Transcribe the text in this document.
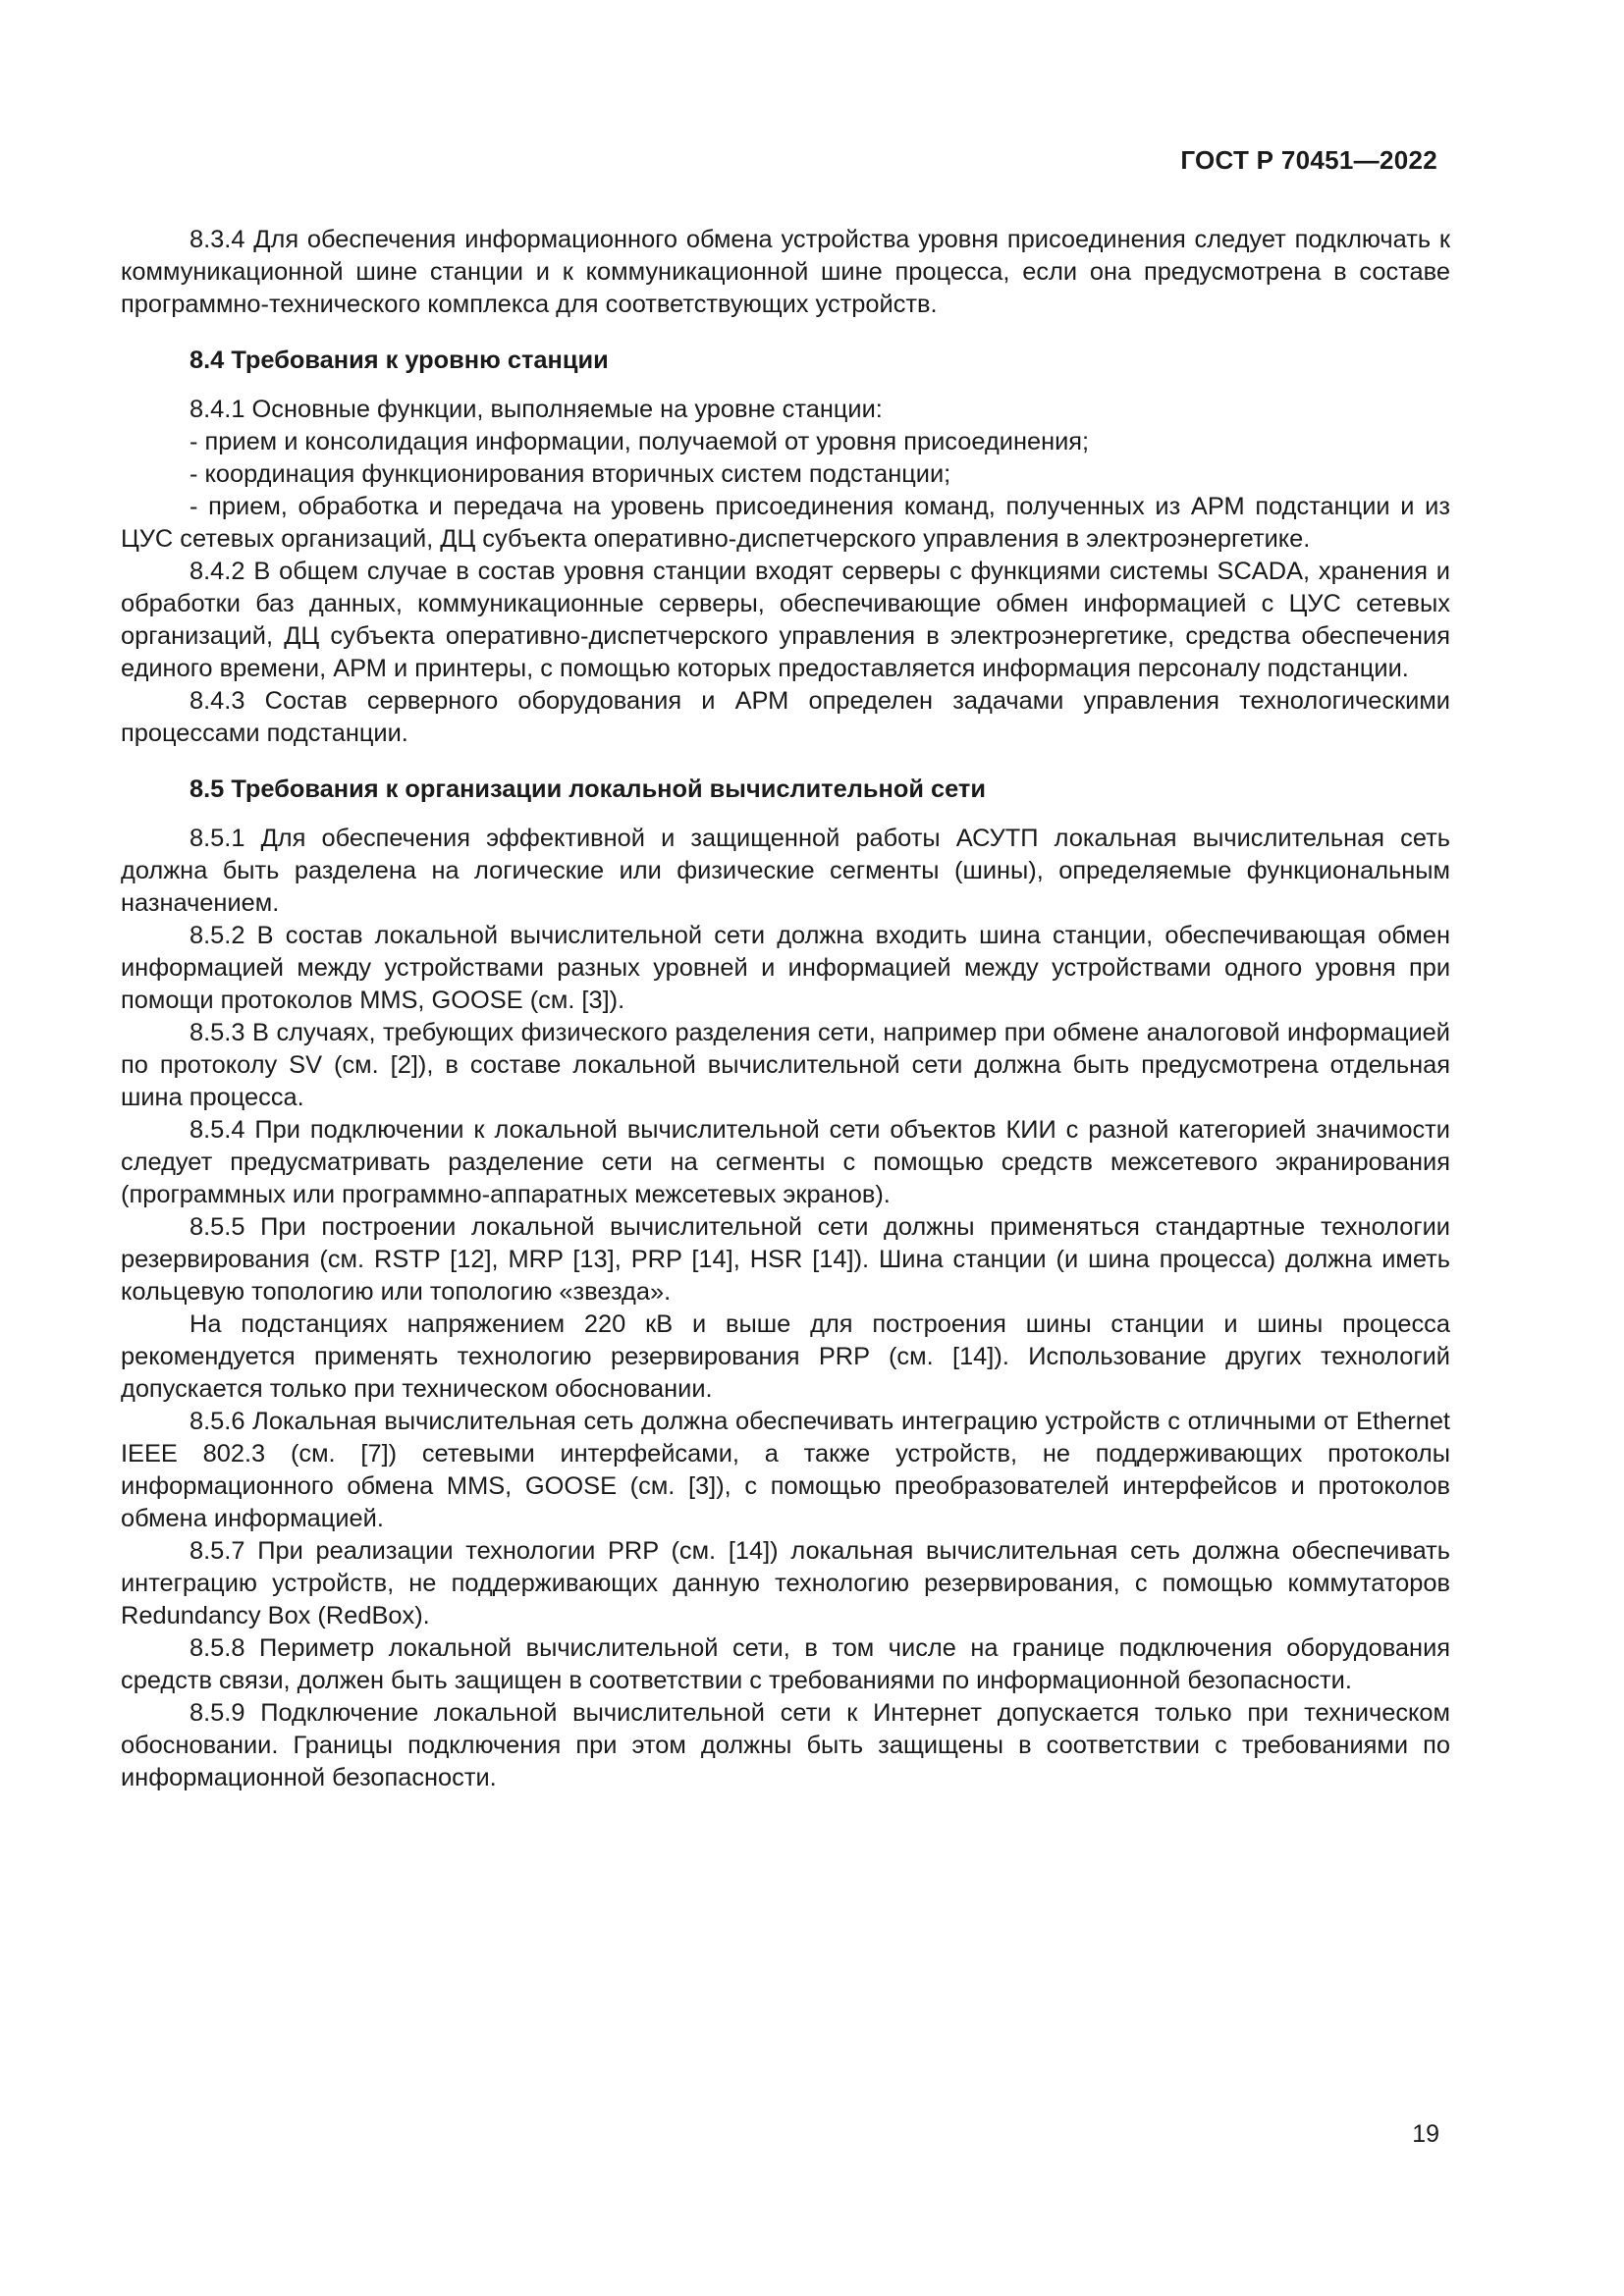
ГОСТ Р 70451—2022

8.3.4 Для обеспечения информационного обмена устройства уровня присоединения следует подключать к коммуникационной шине станции и к коммуникационной шине процесса, если она предусмотрена в составе программно-технического комплекса для соответствующих устройств.

8.4 Требования к уровню станции

8.4.1 Основные функции, выполняемые на уровне станции:

- прием и консолидация информации, получаемой от уровня присоединения;

- координация функционирования вторичных систем подстанции;

- прием, обработка и передача на уровень присоединения команд, полученных из АРМ подстанции и из ЦУС сетевых организаций, ДЦ субъекта оперативно-диспетчерского управления в электроэнергетике.

8.4.2 В общем случае в состав уровня станции входят серверы с функциями системы SCADA, хранения и обработки баз данных, коммуникационные серверы, обеспечивающие обмен информацией с ЦУС сетевых организаций, ДЦ субъекта оперативно-диспетчерского управления в электроэнергетике, средства обеспечения единого времени, АРМ и принтеры, с помощью которых предоставляется информация персоналу подстанции.

8.4.3 Состав серверного оборудования и АРМ определен задачами управления технологическими процессами подстанции.

8.5 Требования к организации локальной вычислительной сети

8.5.1 Для обеспечения эффективной и защищенной работы АСУТП локальная вычислительная сеть должна быть разделена на логические или физические сегменты (шины), определяемые функциональным назначением.

8.5.2 В состав локальной вычислительной сети должна входить шина станции, обеспечивающая обмен информацией между устройствами разных уровней и информацией между устройствами одного уровня при помощи протоколов MMS, GOOSE (см. [3]).

8.5.3 В случаях, требующих физического разделения сети, например при обмене аналоговой информацией по протоколу SV (см. [2]), в составе локальной вычислительной сети должна быть предусмотрена отдельная шина процесса.

8.5.4 При подключении к локальной вычислительной сети объектов КИИ с разной категорией значимости следует предусматривать разделение сети на сегменты с помощью средств межсетевого экранирования (программных или программно-аппаратных межсетевых экранов).

8.5.5 При построении локальной вычислительной сети должны применяться стандартные технологии резервирования (см. RSTP [12], MRP [13], PRP [14], HSR [14]). Шина станции (и шина процесса) должна иметь кольцевую топологию или топологию «звезда».

На подстанциях напряжением 220 кВ и выше для построения шины станции и шины процесса рекомендуется применять технологию резервирования PRP (см. [14]). Использование других технологий допускается только при техническом обосновании.

8.5.6 Локальная вычислительная сеть должна обеспечивать интеграцию устройств с отличными от Ethernet IEEE 802.3 (см. [7]) сетевыми интерфейсами, а также устройств, не поддерживающих протоколы информационного обмена MMS, GOOSE (см. [3]), с помощью преобразователей интерфейсов и протоколов обмена информацией.

8.5.7 При реализации технологии PRP (см. [14]) локальная вычислительная сеть должна обеспечивать интеграцию устройств, не поддерживающих данную технологию резервирования, с помощью коммутаторов Redundancy Box (RedBox).

8.5.8 Периметр локальной вычислительной сети, в том числе на границе подключения оборудования средств связи, должен быть защищен в соответствии с требованиями по информационной безопасности.

8.5.9 Подключение локальной вычислительной сети к Интернет допускается только при техническом обосновании. Границы подключения при этом должны быть защищены в соответствии с требованиями по информационной безопасности.

19
